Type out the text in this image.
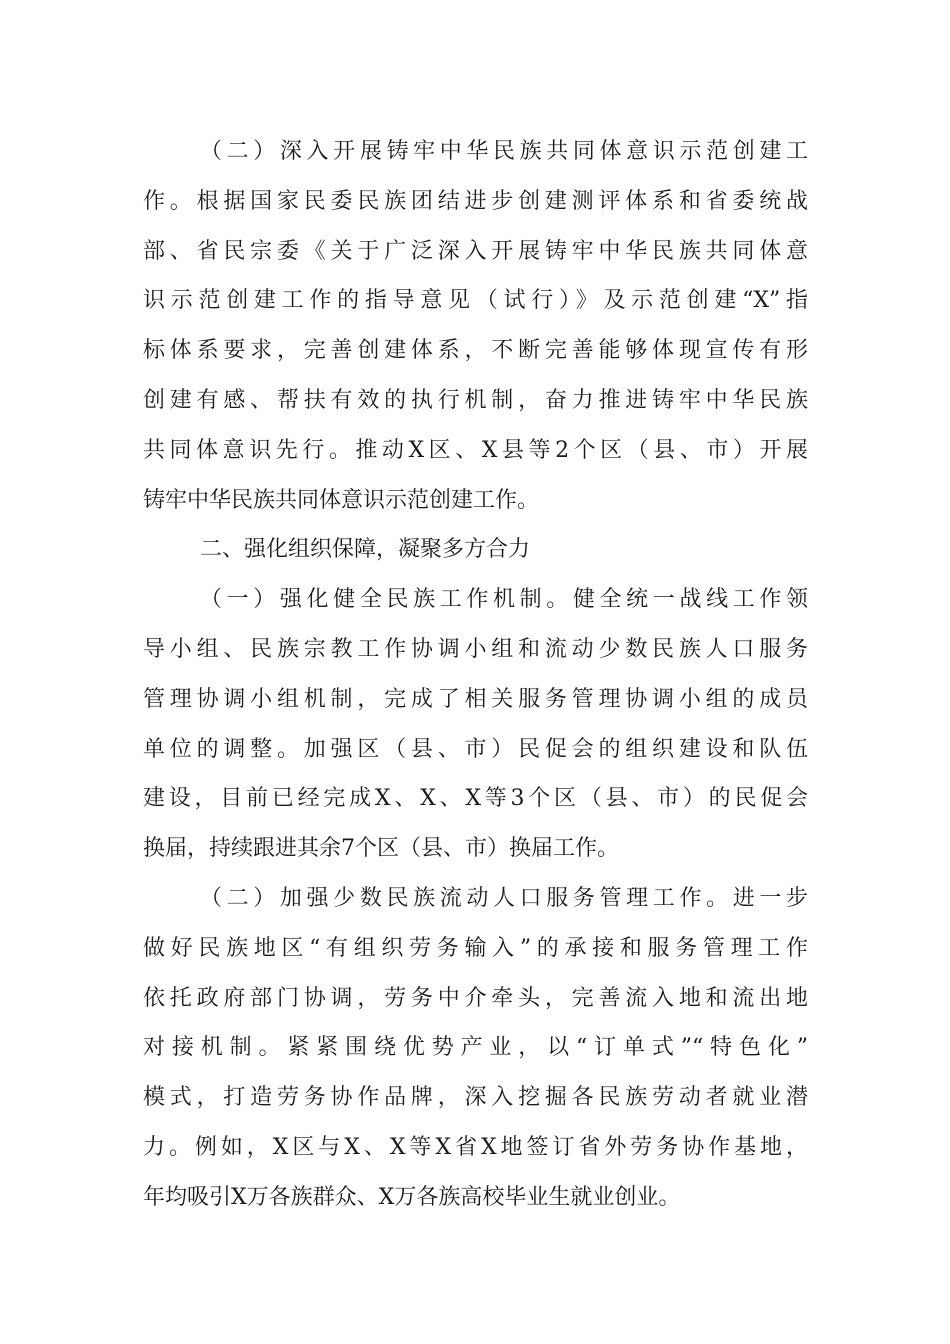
（二）深入开展铸牢中华民族共同体意识示范创建工
作。根据国家民委民族团结进步创建测评体系和省委统战
部、省民宗委《关于广泛深入开展铸牢中华民族共同体意
识示范创建工作的指导意见（试行）》及示范创建“X”指
标体系要求，完善创建体系，不断完善能够体现宣传有形
创建有感、帮扶有效的执行机制，奋力推进铸牢中华民族
共同体意识先行。推动X区、X县等2个区（县、市）开展
铸牢中华民族共同体意识示范创建工作。
二、强化组织保障，凝聚多方合力
（一）强化健全民族工作机制。健全统一战线工作领
导小组、民族宗教工作协调小组和流动少数民族人口服务
管理协调小组机制，完成了相关服务管理协调小组的成员
单位的调整。加强区（县、市）民促会的组织建设和队伍
建设，目前已经完成X、X、X等3个区（县、市）的民促会
换届，持续跟进其余7个区（县、市）换届工作。
（二）加强少数民族流动人口服务管理工作。进一步
做好民族地区“有组织劳务输入”的承接和服务管理工作
依托政府部门协调，劳务中介牵头，完善流入地和流出地
对接机制。紧紧围绕优势产业，以“订单式”“特色化”
模式，打造劳务协作品牌，深入挖掘各民族劳动者就业潜
力。例如，X区与X、X等X省X地签订省外劳务协作基地，
年均吸引X万各族群众、X万各族高校毕业生就业创业。
